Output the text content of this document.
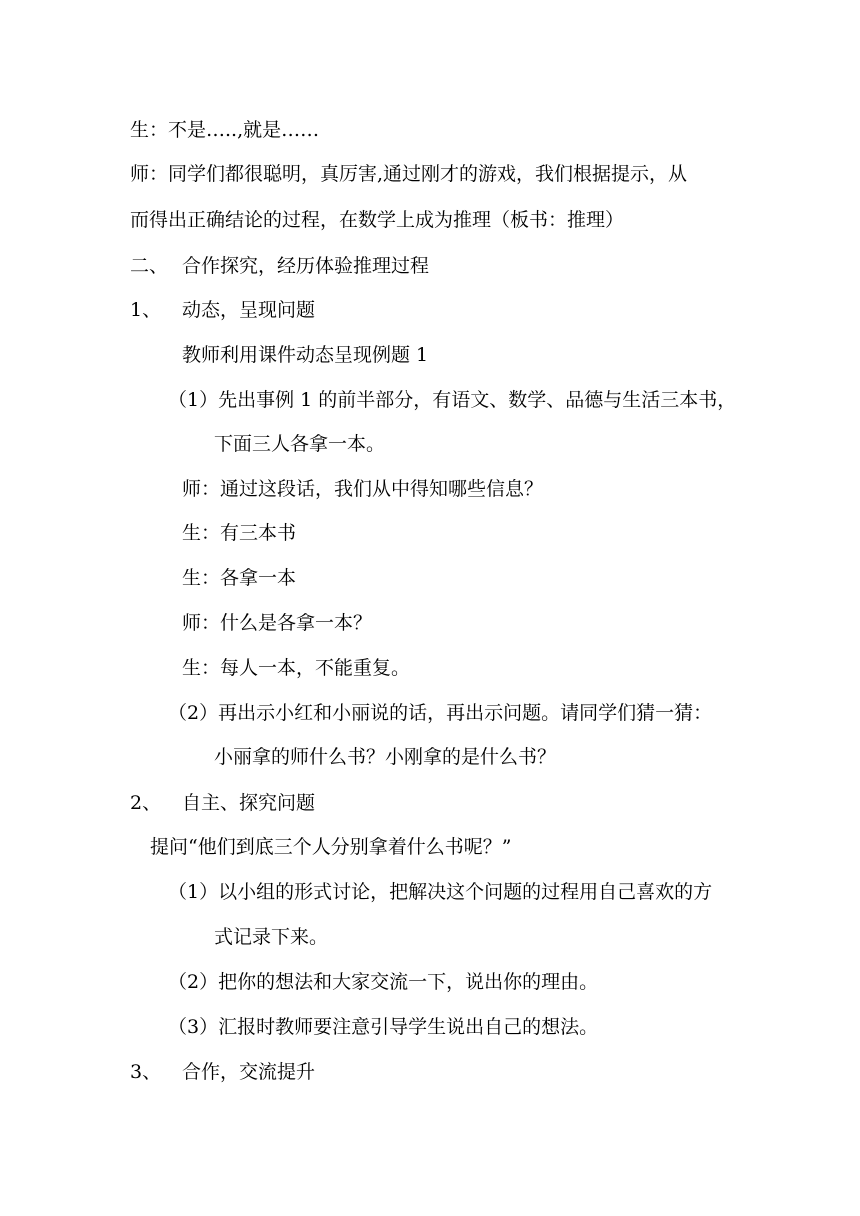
生：不是…..,就是……
师：同学们都很聪明，真厉害,通过刚才的游戏，我们根据提示，从
而得出正确结论的过程，在数学上成为推理（板书：推理）
二、 合作探究，经历体验推理过程
1、 动态，呈现问题
教师利用课件动态呈现例题 1
（1）先出事例 1 的前半部分，有语文、数学、品德与生活三本书，
下面三人各拿一本。
师：通过这段话，我们从中得知哪些信息？
生：有三本书
生：各拿一本
师：什么是各拿一本？
生：每人一本，不能重复。
（2）再出示小红和小丽说的话，再出示问题。请同学们猜一猜：
小丽拿的师什么书？小刚拿的是什么书？
2、 自主、探究问题
提问“他们到底三个人分别拿着什么书呢？”
（1）以小组的形式讨论，把解决这个问题的过程用自己喜欢的方
式记录下来。
（2）把你的想法和大家交流一下，说出你的理由。
（3）汇报时教师要注意引导学生说出自己的想法。
3、 合作，交流提升
